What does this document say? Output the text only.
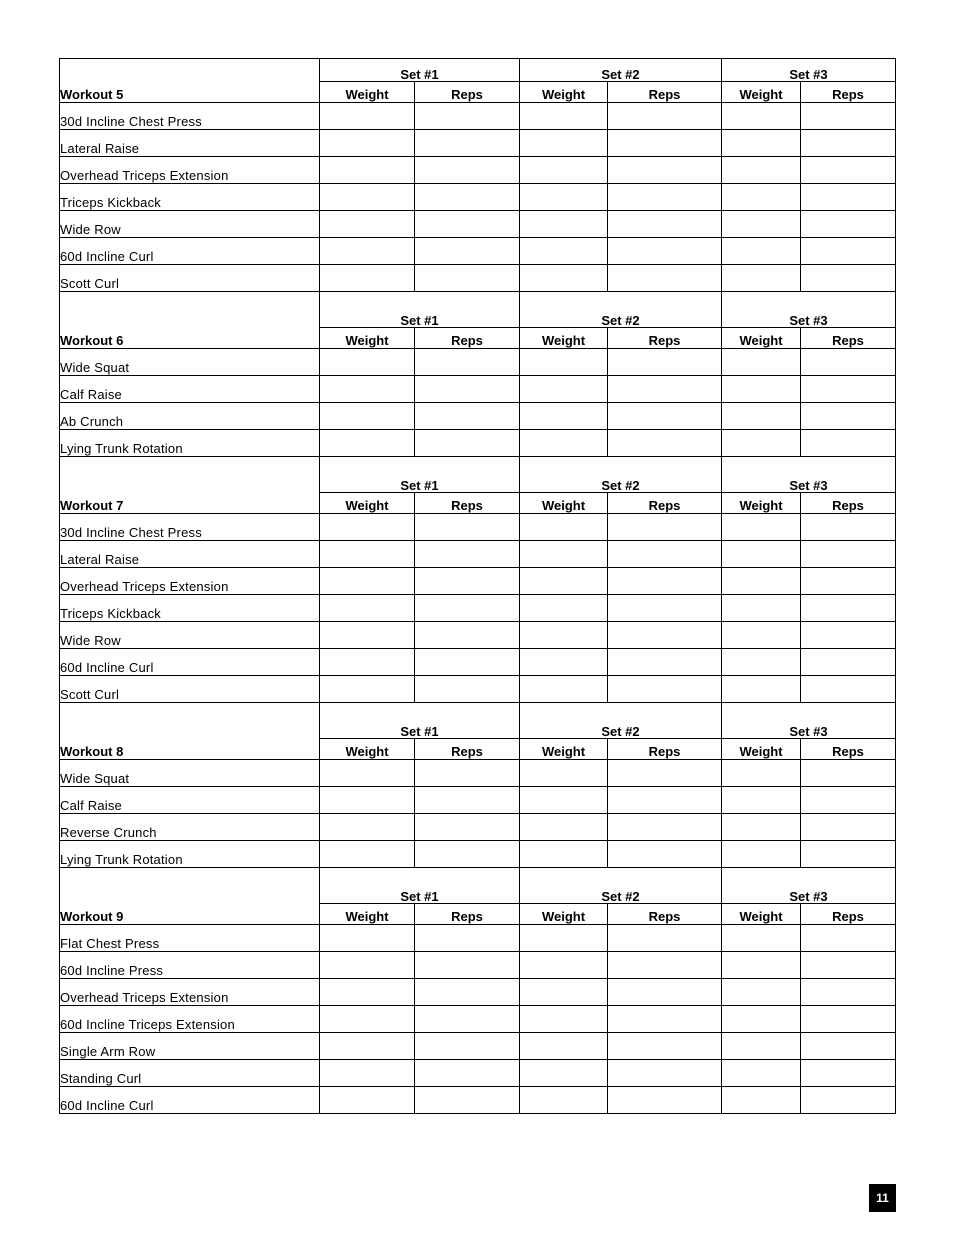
Workout 5	Set #1		Set #2		Set #3	
	Weight	Reps	Weight	Reps	Weight	Reps
30d Incline Chest Press						
Lateral Raise						
Overhead Triceps Extension						
Triceps Kickback						
Wide Row						
60d Incline Curl						
Scott Curl						
Workout 6	Set #1		Set #2		Set #3	
	Weight	Reps	Weight	Reps	Weight	Reps
Wide Squat						
Calf Raise						
Ab Crunch						
Lying Trunk Rotation						
Workout 7	Set #1		Set #2		Set #3	
	Weight	Reps	Weight	Reps	Weight	Reps
30d Incline Chest Press						
Lateral Raise						
Overhead Triceps Extension						
Triceps Kickback						
Wide Row						
60d Incline Curl						
Scott Curl						
Workout 8	Set #1		Set #2		Set #3	
	Weight	Reps	Weight	Reps	Weight	Reps
Wide Squat						
Calf Raise						
Reverse Crunch						
Lying Trunk Rotation						
Workout 9	Set #1		Set #2		Set #3	
	Weight	Reps	Weight	Reps	Weight	Reps
Flat Chest Press						
60d Incline Press						
Overhead Triceps Extension						
60d Incline Triceps Extension						
Single Arm Row						
Standing Curl						
60d Incline Curl						
11
